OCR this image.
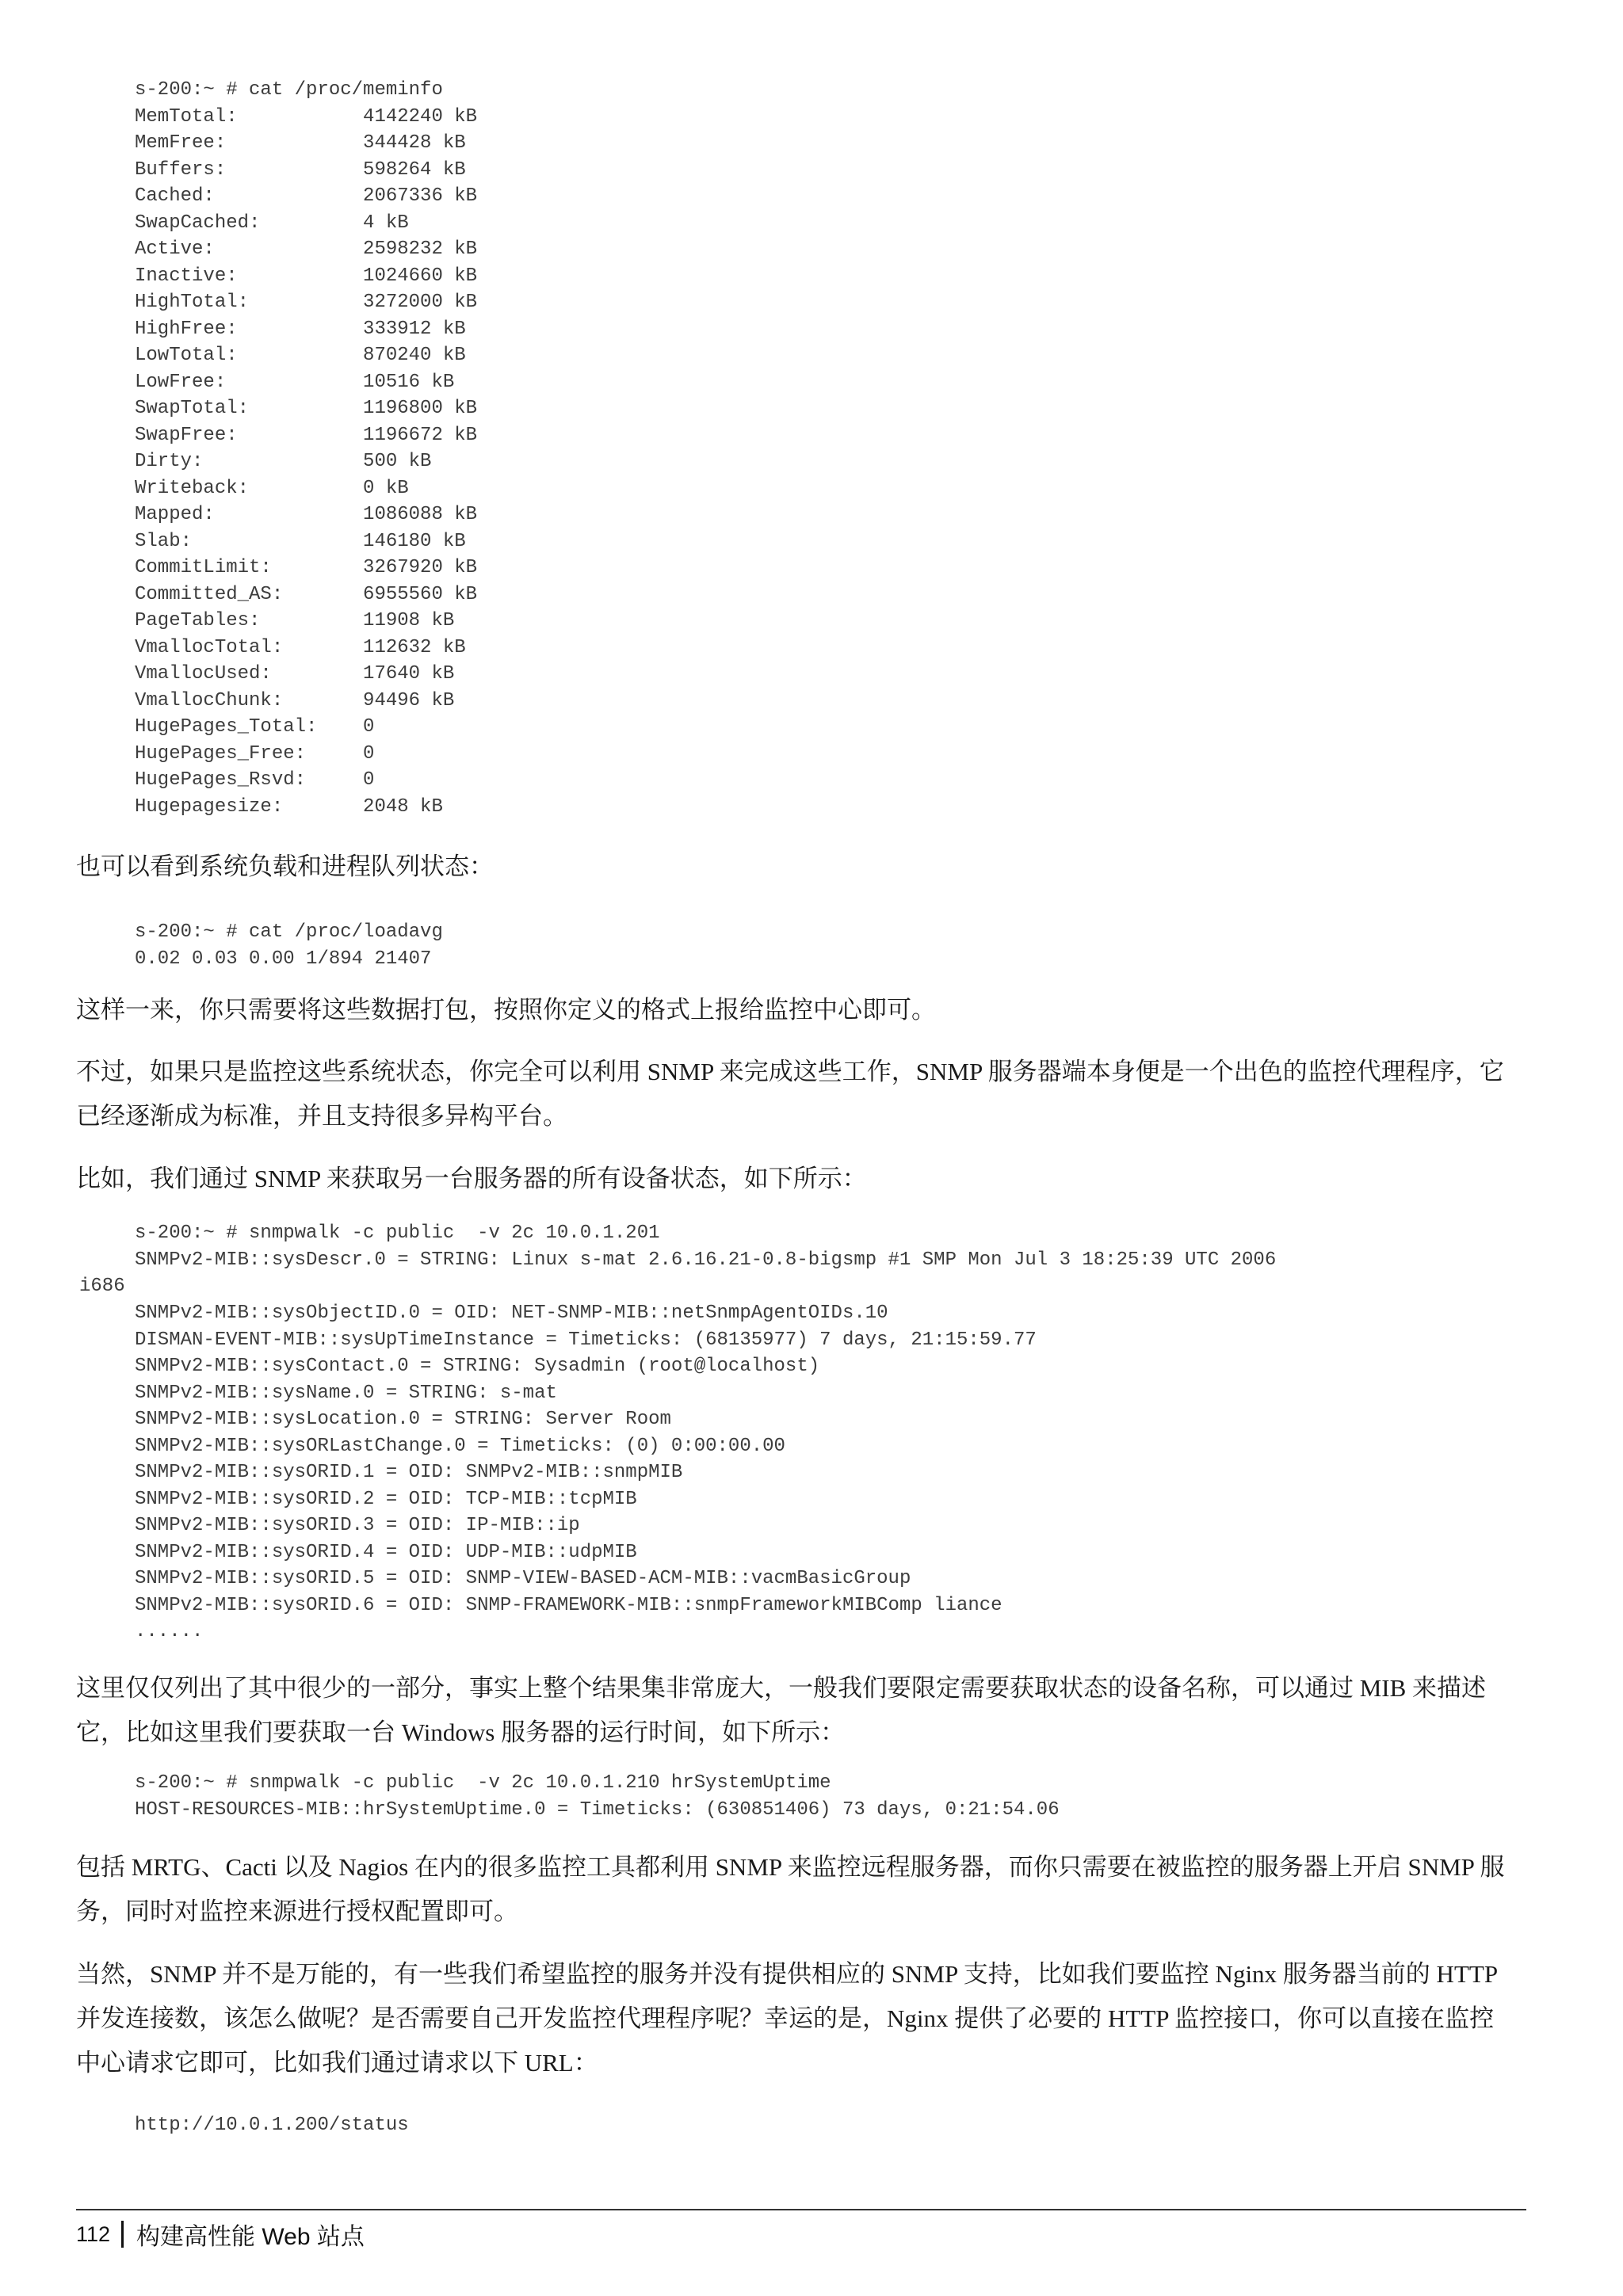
s-200:~ # cat /proc/meminfo
MemTotal:           4142240 kB
MemFree:            344428 kB
Buffers:            598264 kB
Cached:             2067336 kB
SwapCached:         4 kB
Active:             2598232 kB
Inactive:           1024660 kB
HighTotal:          3272000 kB
HighFree:           333912 kB
LowTotal:           870240 kB
LowFree:            10516 kB
SwapTotal:          1196800 kB
SwapFree:           1196672 kB
Dirty:              500 kB
Writeback:          0 kB
Mapped:             1086088 kB
Slab:               146180 kB
CommitLimit:        3267920 kB
Committed_AS:       6955560 kB
PageTables:         11908 kB
VmallocTotal:       112632 kB
VmallocUsed:        17640 kB
VmallocChunk:       94496 kB
HugePages_Total:    0
HugePages_Free:     0
HugePages_Rsvd:     0
Hugepagesize:       2048 kB

也可以看到系统负载和进程队列状态：

s-200:~ # cat /proc/loadavg
0.02 0.03 0.00 1/894 21407

这样一来，你只需要将这些数据打包，按照你定义的格式上报给监控中心即可。

不过，如果只是监控这些系统状态，你完全可以利用 SNMP 来完成这些工作，SNMP 服务器端本身便是一个出色的监控代理程序，它已经逐渐成为标准，并且支持很多异构平台。

比如，我们通过 SNMP 来获取另一台服务器的所有设备状态，如下所示：

s-200:~ # snmpwalk -c public  -v 2c 10.0.1.201
SNMPv2-MIB::sysDescr.0 = STRING: Linux s-mat 2.6.16.21-0.8-bigsmp #1 SMP Mon Jul 3 18:25:39 UTC 2006
i686
SNMPv2-MIB::sysObjectID.0 = OID: NET-SNMP-MIB::netSnmpAgentOIDs.10
DISMAN-EVENT-MIB::sysUpTimeInstance = Timeticks: (68135977) 7 days, 21:15:59.77
SNMPv2-MIB::sysContact.0 = STRING: Sysadmin (root@localhost)
SNMPv2-MIB::sysName.0 = STRING: s-mat
SNMPv2-MIB::sysLocation.0 = STRING: Server Room
SNMPv2-MIB::sysORLastChange.0 = Timeticks: (0) 0:00:00.00
SNMPv2-MIB::sysORID.1 = OID: SNMPv2-MIB::snmpMIB
SNMPv2-MIB::sysORID.2 = OID: TCP-MIB::tcpMIB
SNMPv2-MIB::sysORID.3 = OID: IP-MIB::ip
SNMPv2-MIB::sysORID.4 = OID: UDP-MIB::udpMIB
SNMPv2-MIB::sysORID.5 = OID: SNMP-VIEW-BASED-ACM-MIB::vacmBasicGroup
SNMPv2-MIB::sysORID.6 = OID: SNMP-FRAMEWORK-MIB::snmpFrameworkMIBComp liance
......

这里仅仅列出了其中很少的一部分，事实上整个结果集非常庞大，一般我们要限定需要获取状态的设备名称，可以通过 MIB 来描述它，比如这里我们要获取一台 Windows 服务器的运行时间，如下所示：

s-200:~ # snmpwalk -c public  -v 2c 10.0.1.210 hrSystemUptime
HOST-RESOURCES-MIB::hrSystemUptime.0 = Timeticks: (630851406) 73 days, 0:21:54.06

包括 MRTG、Cacti 以及 Nagios 在内的很多监控工具都利用 SNMP 来监控远程服务器，而你只需要在被监控的服务器上开启 SNMP 服务，同时对监控来源进行授权配置即可。

当然，SNMP 并不是万能的，有一些我们希望监控的服务并没有提供相应的 SNMP 支持，比如我们要监控 Nginx 服务器当前的 HTTP 并发连接数，该怎么做呢？是否需要自己开发监控代理程序呢？幸运的是，Nginx 提供了必要的 HTTP 监控接口，你可以直接在监控中心请求它即可，比如我们通过请求以下 URL：

http://10.0.1.200/status
112 构建高性能 Web 站点
